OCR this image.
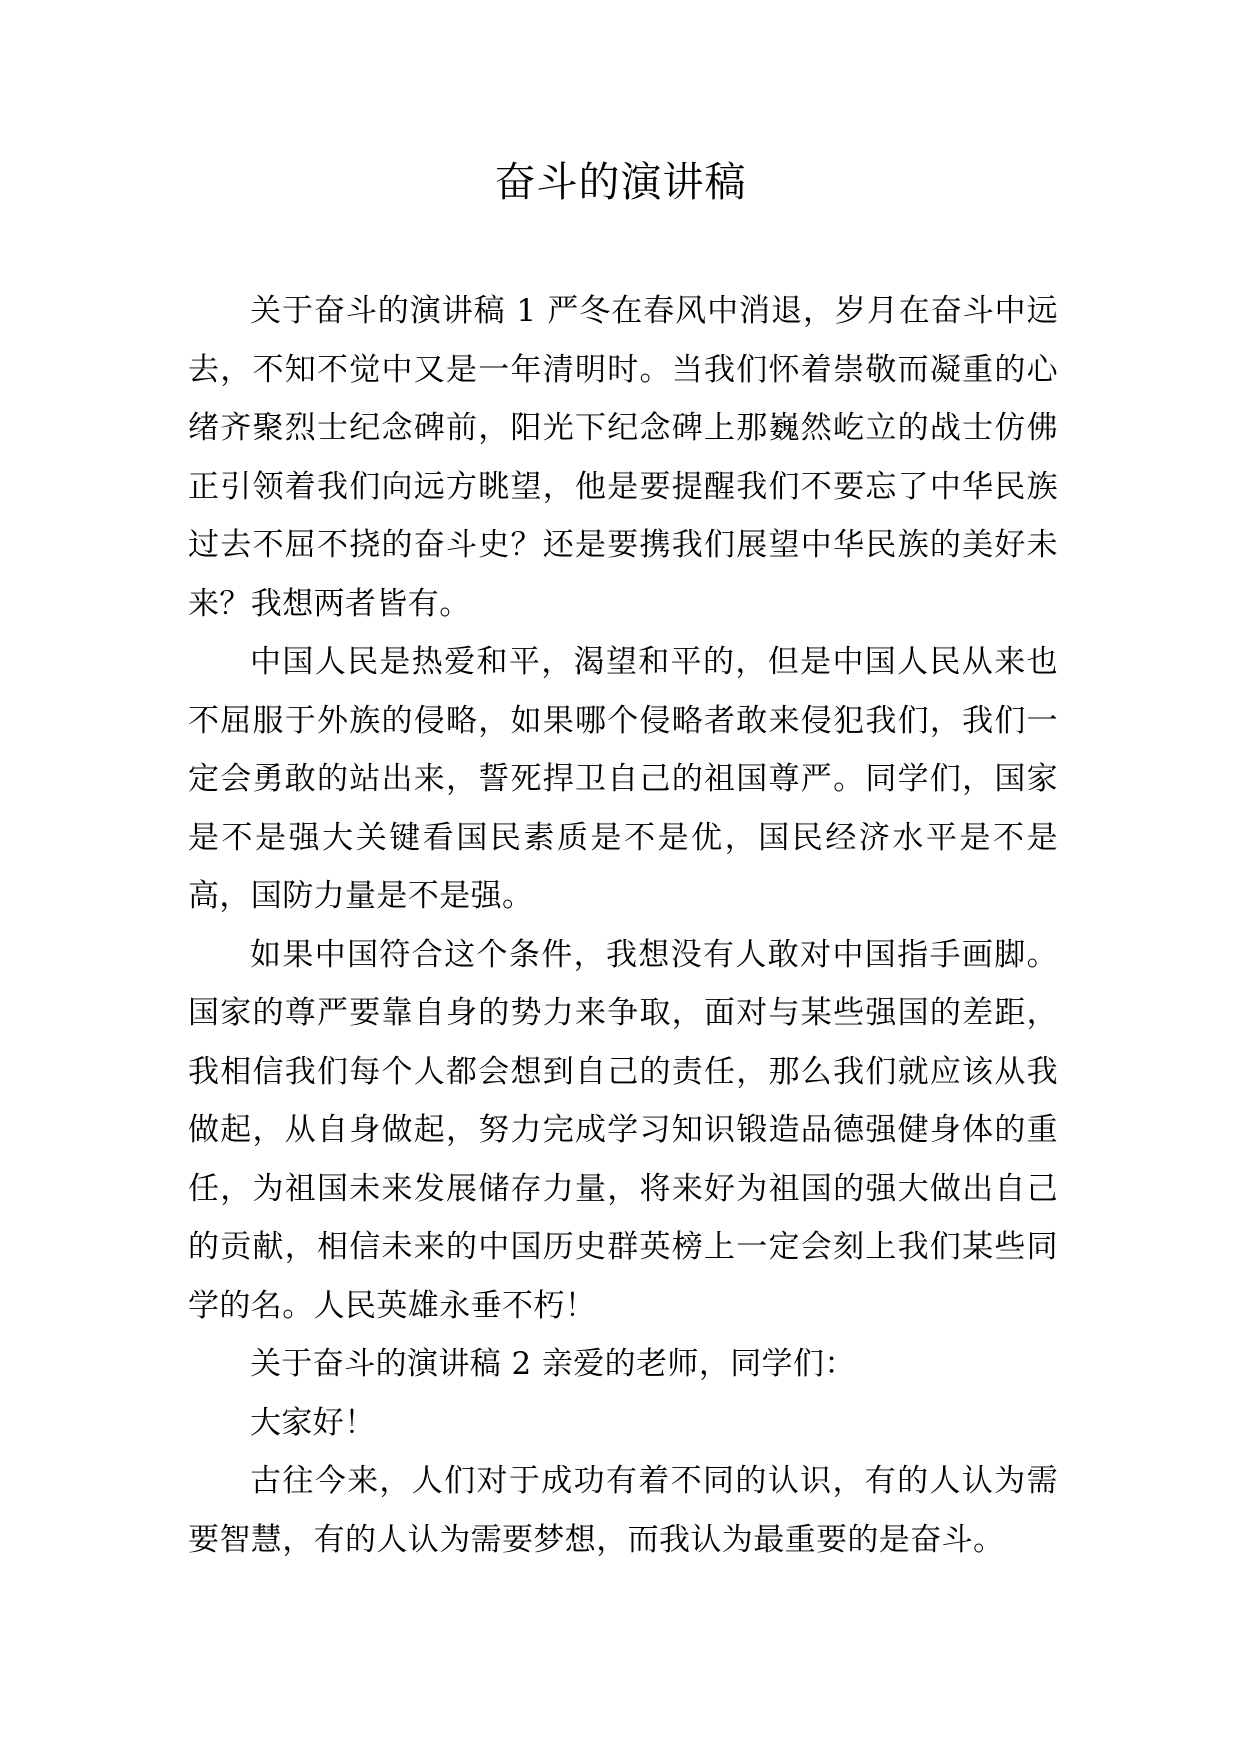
奋斗的演讲稿

关于奋斗的演讲稿 1 严冬在春风中消退，岁月在奋斗中远去，不知不觉中又是一年清明时。当我们怀着崇敬而凝重的心绪齐聚烈士纪念碑前，阳光下纪念碑上那巍然屹立的战士仿佛正引领着我们向远方眺望，他是要提醒我们不要忘了中华民族过去不屈不挠的奋斗史？还是要携我们展望中华民族的美好未来？我想两者皆有。

中国人民是热爱和平，渴望和平的，但是中国人民从来也不屈服于外族的侵略，如果哪个侵略者敢来侵犯我们，我们一定会勇敢的站出来，誓死捍卫自己的祖国尊严。同学们，国家是不是强大关键看国民素质是不是优，国民经济水平是不是高，国防力量是不是强。

如果中国符合这个条件，我想没有人敢对中国指手画脚。国家的尊严要靠自身的势力来争取，面对与某些强国的差距，我相信我们每个人都会想到自己的责任，那么我们就应该从我做起，从自身做起，努力完成学习知识锻造品德强健身体的重任，为祖国未来发展储存力量，将来好为祖国的强大做出自己的贡献，相信未来的中国历史群英榜上一定会刻上我们某些同学的名。人民英雄永垂不朽！

关于奋斗的演讲稿 2 亲爱的老师，同学们：

大家好！

古往今来，人们对于成功有着不同的认识，有的人认为需要智慧，有的人认为需要梦想，而我认为最重要的是奋斗。
